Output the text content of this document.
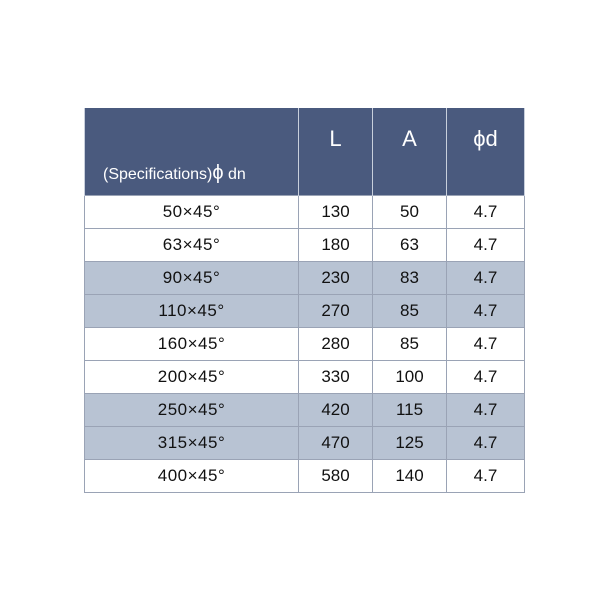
(Specifications)ϕ dn	L	A	ϕd
50×45°	130	50	4.7
63×45°	180	63	4.7
90×45°	230	83	4.7
110×45°	270	85	4.7
160×45°	280	85	4.7
200×45°	330	100	4.7
250×45°	420	115	4.7
315×45°	470	125	4.7
400×45°	580	140	4.7
